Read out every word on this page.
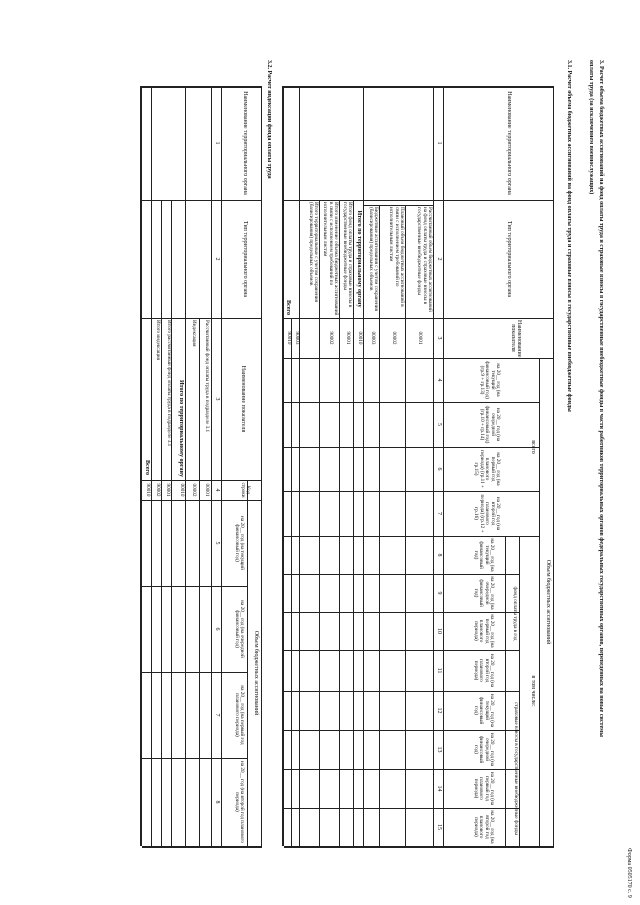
Форма 0505170 с. 9
3. Расчет объема бюджетных ассигнований на фонд оплаты труда и страховые взносы в государственные внебюджетные фонды в части работников территориальных органов федеральных государственных органов, переведенных на новые системы
оплаты труда (за исключением военнослужащих)
3.1. Расчет объема бюджетных ассигнований на фонд оплаты труда и страховые взносы в государственные внебюджетные фонды
Наименование территориального органа
Тип территориального органа
Наименование показателя
Объем бюджетных ассигнований
всего
в том числе:
фонд оплаты труда в год
страховые взносы в государственные внебюджетные фонды
на 20__ год (на текущий финансовый год) (гр.9 + гр.13)
на 20__ год (на очередной финансовый год) (гр.10 + гр.14)
на 20__ год (на первый год планового периода) (гр.11 + гр.15)
на 20__ год (на второй год планового периода) (гр.12 + гр.16)
на 20__ год (на текущий финансовый год)
на 20__ год (на очередной финансовый год)
на 20__ год (на первый год планового периода)
на 20__ год (на второй год планового периода)
на 20__ год (на текущий финансовый год)
на 20__ год (на очередной финансовый год)
на 20__ год (на первый год планового периода)
на 20__ год (на второй год планового периода)
1
2
3
4
5
6
7
8
9
10
11
12
13
14
15
Рассчитанный объем бюджетных ассигнований на фонд оплаты труда и страховые взносы в государственные внебюджетные фонды
00001
Плановый объем бюджетных ассигнований в связи с исполнением требований по исполнительным листам
00002
Бюджетные ассигнования с учетом сохранения (базисирования) предельных объемов
00003
Итого по территориальному органу
00010
Итого фонд оплаты труда и страховые взносы в государственные внебюджетные фонды
90001
Итого изменение объема бюджетных ассигнований в связи с исполнением требований по исполнительным листам
90002
Итого территориальные с учетом сохранения (базисирования) предельных объемов
90003
Всего
90010
3.2. Расчет индексации фонда оплаты труда
Наименование территориального органа
Тип территориального органа
Наименование показателя
Код строки
Объем бюджетных ассигнований
на 20__ год (на текущий финансовый год)
на 20__ год (на очередной финансовый год)
на 20__ год (на первый год планового периода)
на 20__ год (на второй год планового периода)
1
2
3
4
5
6
7
8
Рассчитанный фонд оплаты труда в подразделе 3.1
00001
Индексация
00002
Итого по территориальному органу
00010
Итого рассчитанный фонд оплаты труда в подразделе 3.1
90001
Итого индексация
90002
Всего
90010
